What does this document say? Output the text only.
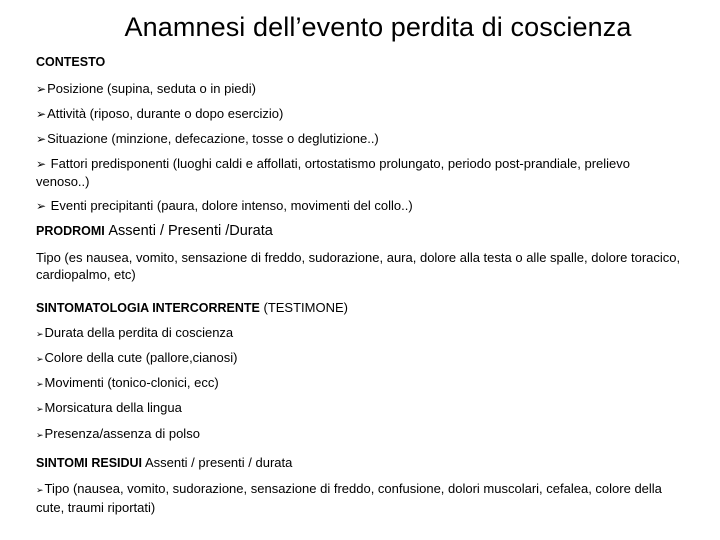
Anamnesi dell’evento perdita di coscienza
CONTESTO
➢Posizione (supina, seduta o in piedi)
➢Attività (riposo, durante o dopo esercizio)
➢Situazione (minzione, defecazione, tosse o deglutizione..)
➢ Fattori predisponenti (luoghi caldi e affollati, ortostatismo prolungato, periodo post-prandiale, prelievo venoso..)
➢ Eventi precipitanti (paura, dolore intenso, movimenti del collo..)
PRODROMI Assenti / Presenti /Durata
Tipo (es nausea, vomito, sensazione di freddo, sudorazione, aura, dolore alla testa o alle spalle, dolore toracico, cardiopalmo, etc)
SINTOMATOLOGIA INTERCORRENTE (TESTIMONE)
➢Durata della perdita di coscienza
➢Colore della cute (pallore,cianosi)
➢Movimenti (tonico-clonici, ecc)
➢Morsicatura della lingua
➢Presenza/assenza di polso
SINTOMI RESIDUI Assenti / presenti / durata
➢Tipo (nausea, vomito, sudorazione, sensazione di freddo, confusione, dolori muscolari, cefalea, colore della cute, traumi riportati)
